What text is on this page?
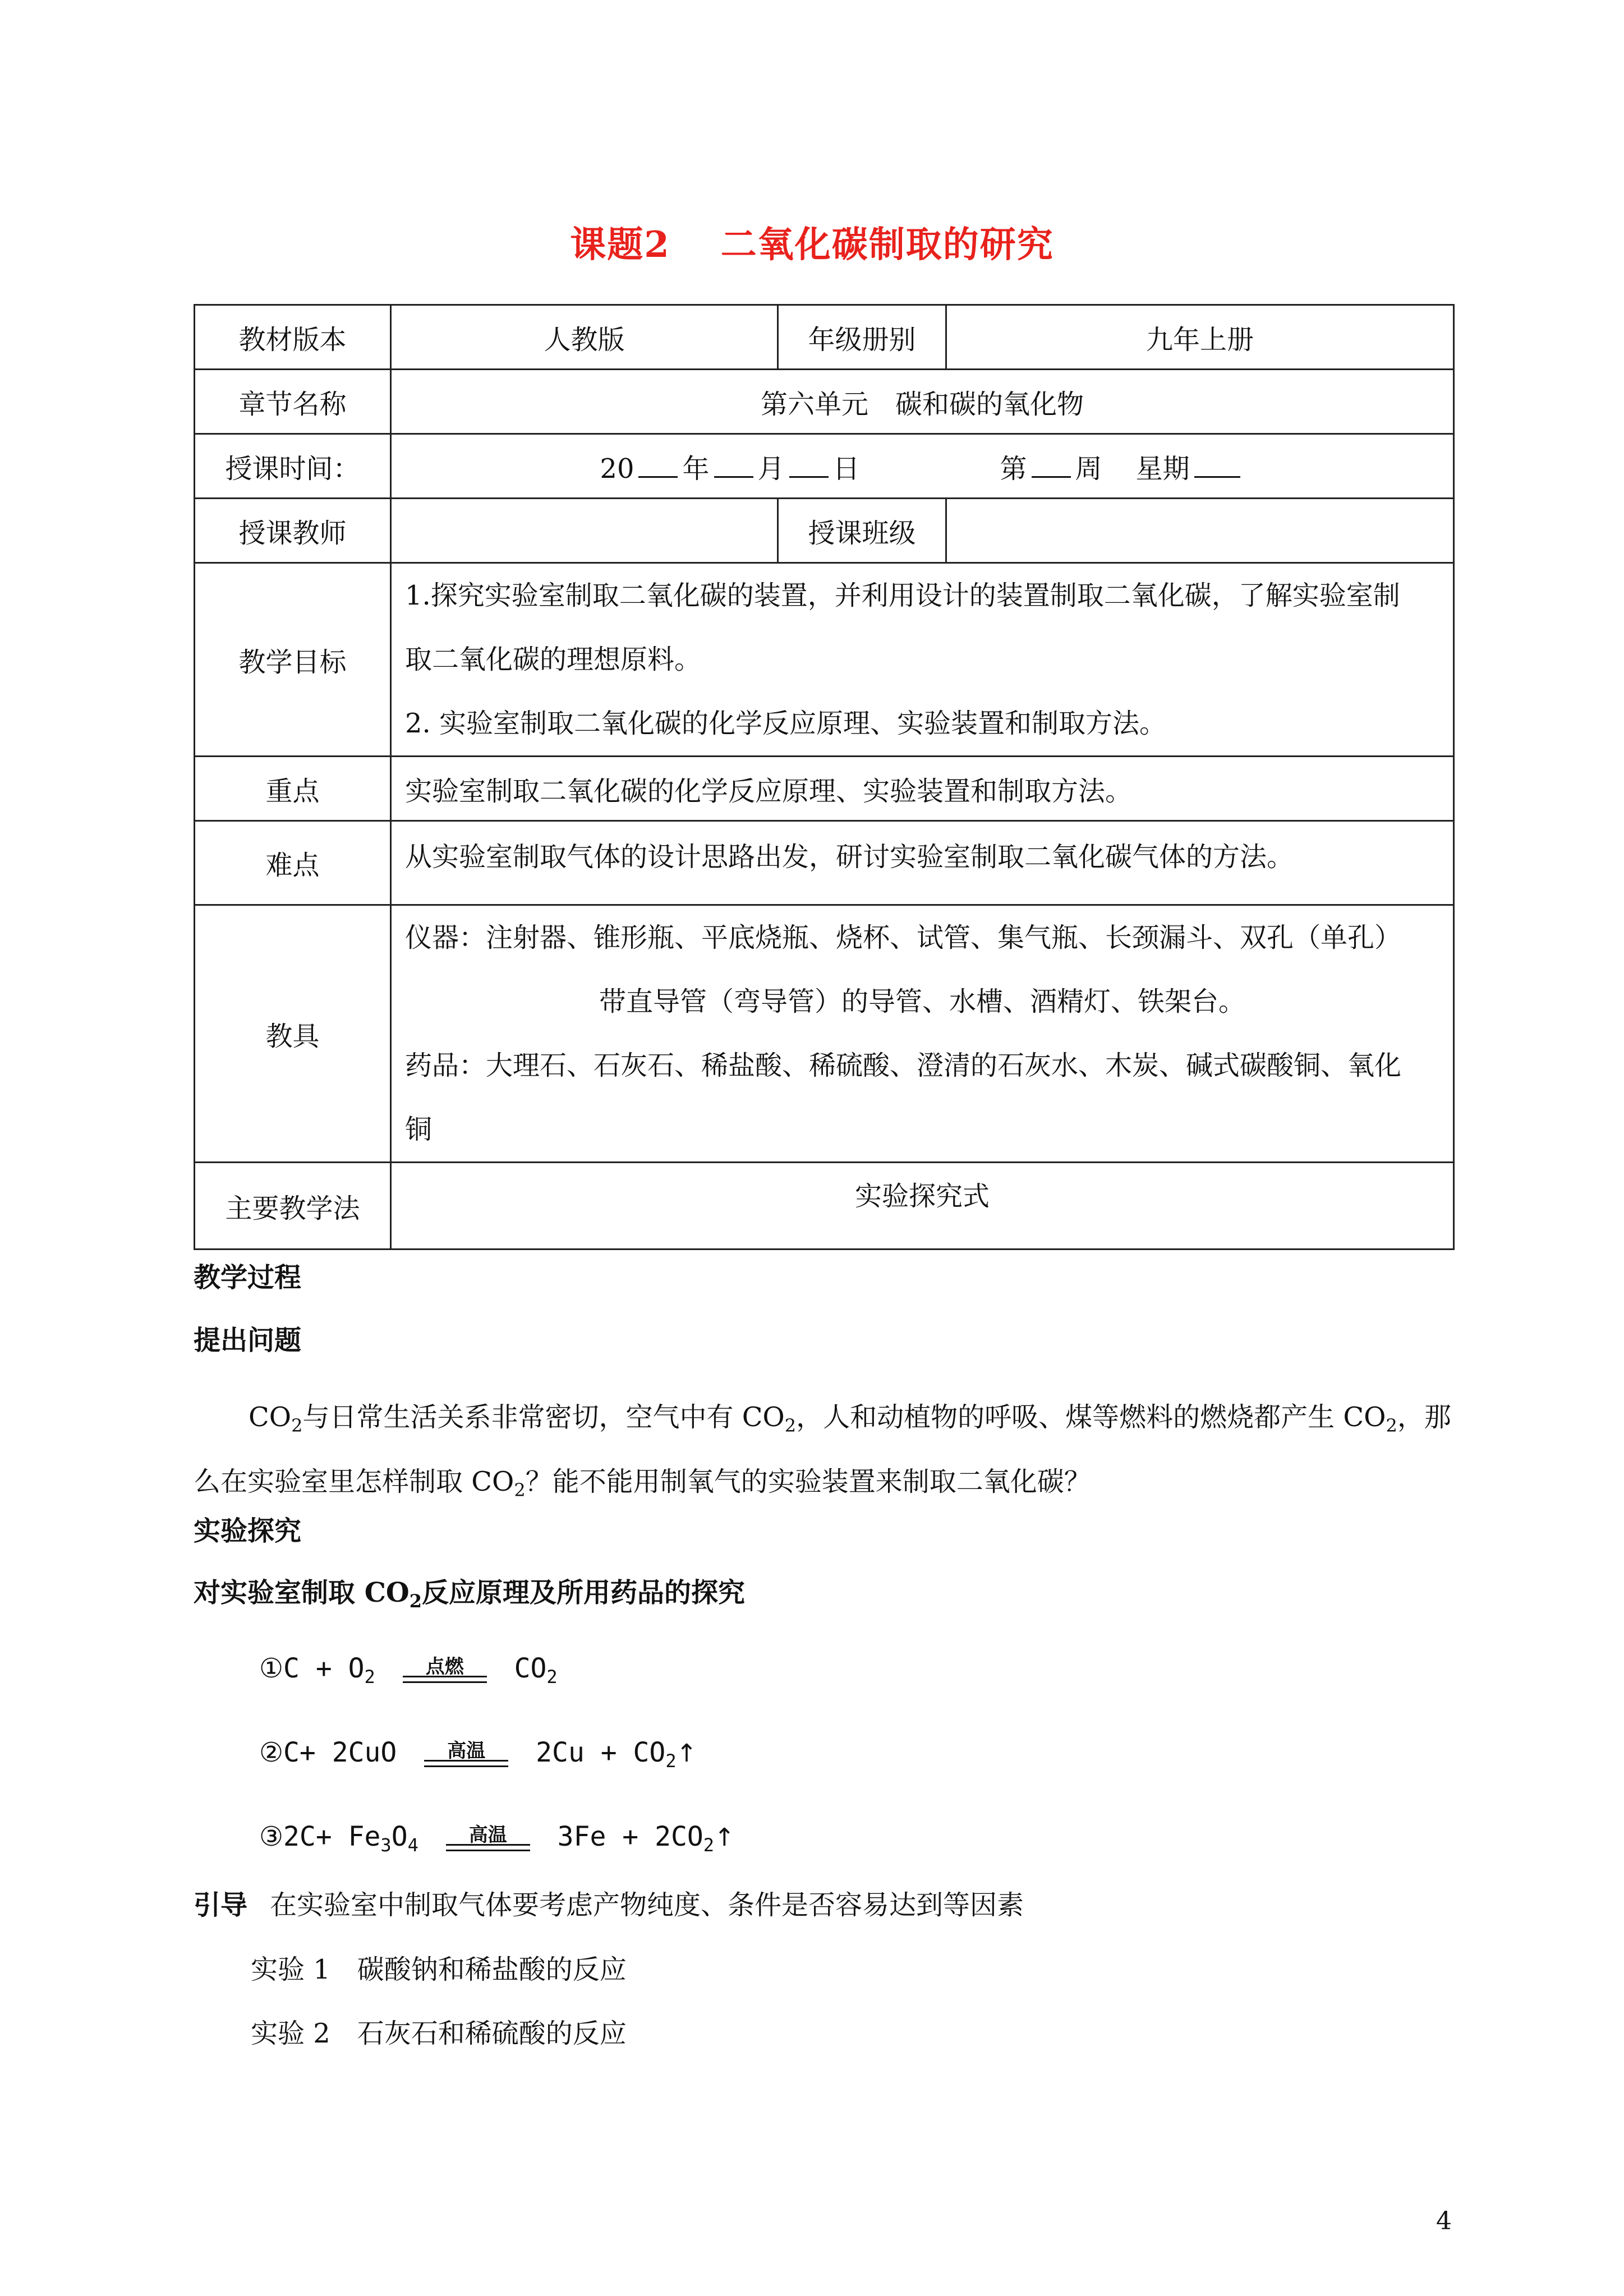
课题2 二氧化碳制取的研究
教材版本	人教版	年级册别	九年上册
章节名称	第六单元　碳和碳的氧化物		
授课时间：	20 年 月 日 第 周 星期		
授课教师		授课班级	
教学目标	1.探究实验室制取二氧化碳的装置，并利用设计的装置制取二氧化碳，了解实验室制
取二氧化碳的理想原料。
2. 实验室制取二氧化碳的化学反应原理、实验装置和制取方法。		

重点	实验室制取二氧化碳的化学反应原理、实验装置和制取方法。		
难点	从实验室制取气体的设计思路出发，研讨实验室制取二氧化碳气体的方法。		
教具	仪器：注射器、锥形瓶、平底烧瓶、烧杯、试管、集气瓶、长颈漏斗、双孔（单孔）
带直导管（弯导管）的导管、水槽、酒精灯、铁架台。
药品：大理石、石灰石、稀盐酸、稀硫酸、澄清的石灰水、木炭、碱式碳酸铜、氧化
铜		

主要教学法	实验探究式		
教学过程
提出问题
$CO_2$与日常生活关系非常密切，空气中有 $CO_2$，人和动植物的呼吸、煤等燃料的燃烧都产生 $CO_2$，那
么在实验室里怎样制取 $CO_2$？能不能用制氧气的实验装置来制取二氧化碳？
实验探究
对实验室制取 $CO_2$反应原理及所用药品的探究
①C + $O_2$	点燃	$CO_2$
②C+ 2CuO	高温	$2Cu + CO_2↑$
③2C+ $Fe_3O_4$	高温	$3Fe + 2CO_2↑$
引导 在实验室中制取气体要考虑产物纯度、条件是否容易达到等因素
实验 1　碳酸钠和稀盐酸的反应
实验 2　石灰石和稀硫酸的反应
4
